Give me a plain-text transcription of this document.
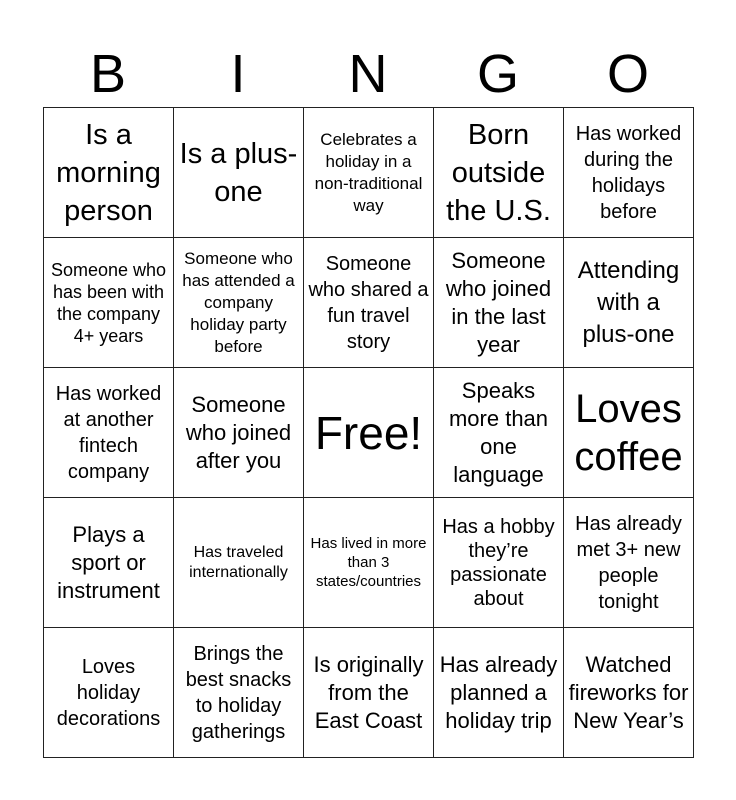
B	I	N	G	O
Is a morning person	Is a plus-one	Celebrates a holiday in a non-traditional way	Born outside the U.S.	Has worked during the holidays before

Someone who has been with the company 4+ years	Someone who has attended a company holiday party before	Someone who shared a fun travel story	Someone who joined in the last year	Attending with a plus-one

Has worked at another fintech company	Someone who joined after you	Free!	Speaks more than one language	Loves coffee

Plays a sport or instrument	Has traveled internationally	Has lived in more than 3 states/countries	Has a hobby they’re passionate about	Has already met 3+ new people tonight

Loves holiday decorations	Brings the best snacks to holiday gatherings	Is originally from the East Coast	Has already planned a holiday trip	Watched fireworks for New Year’s
